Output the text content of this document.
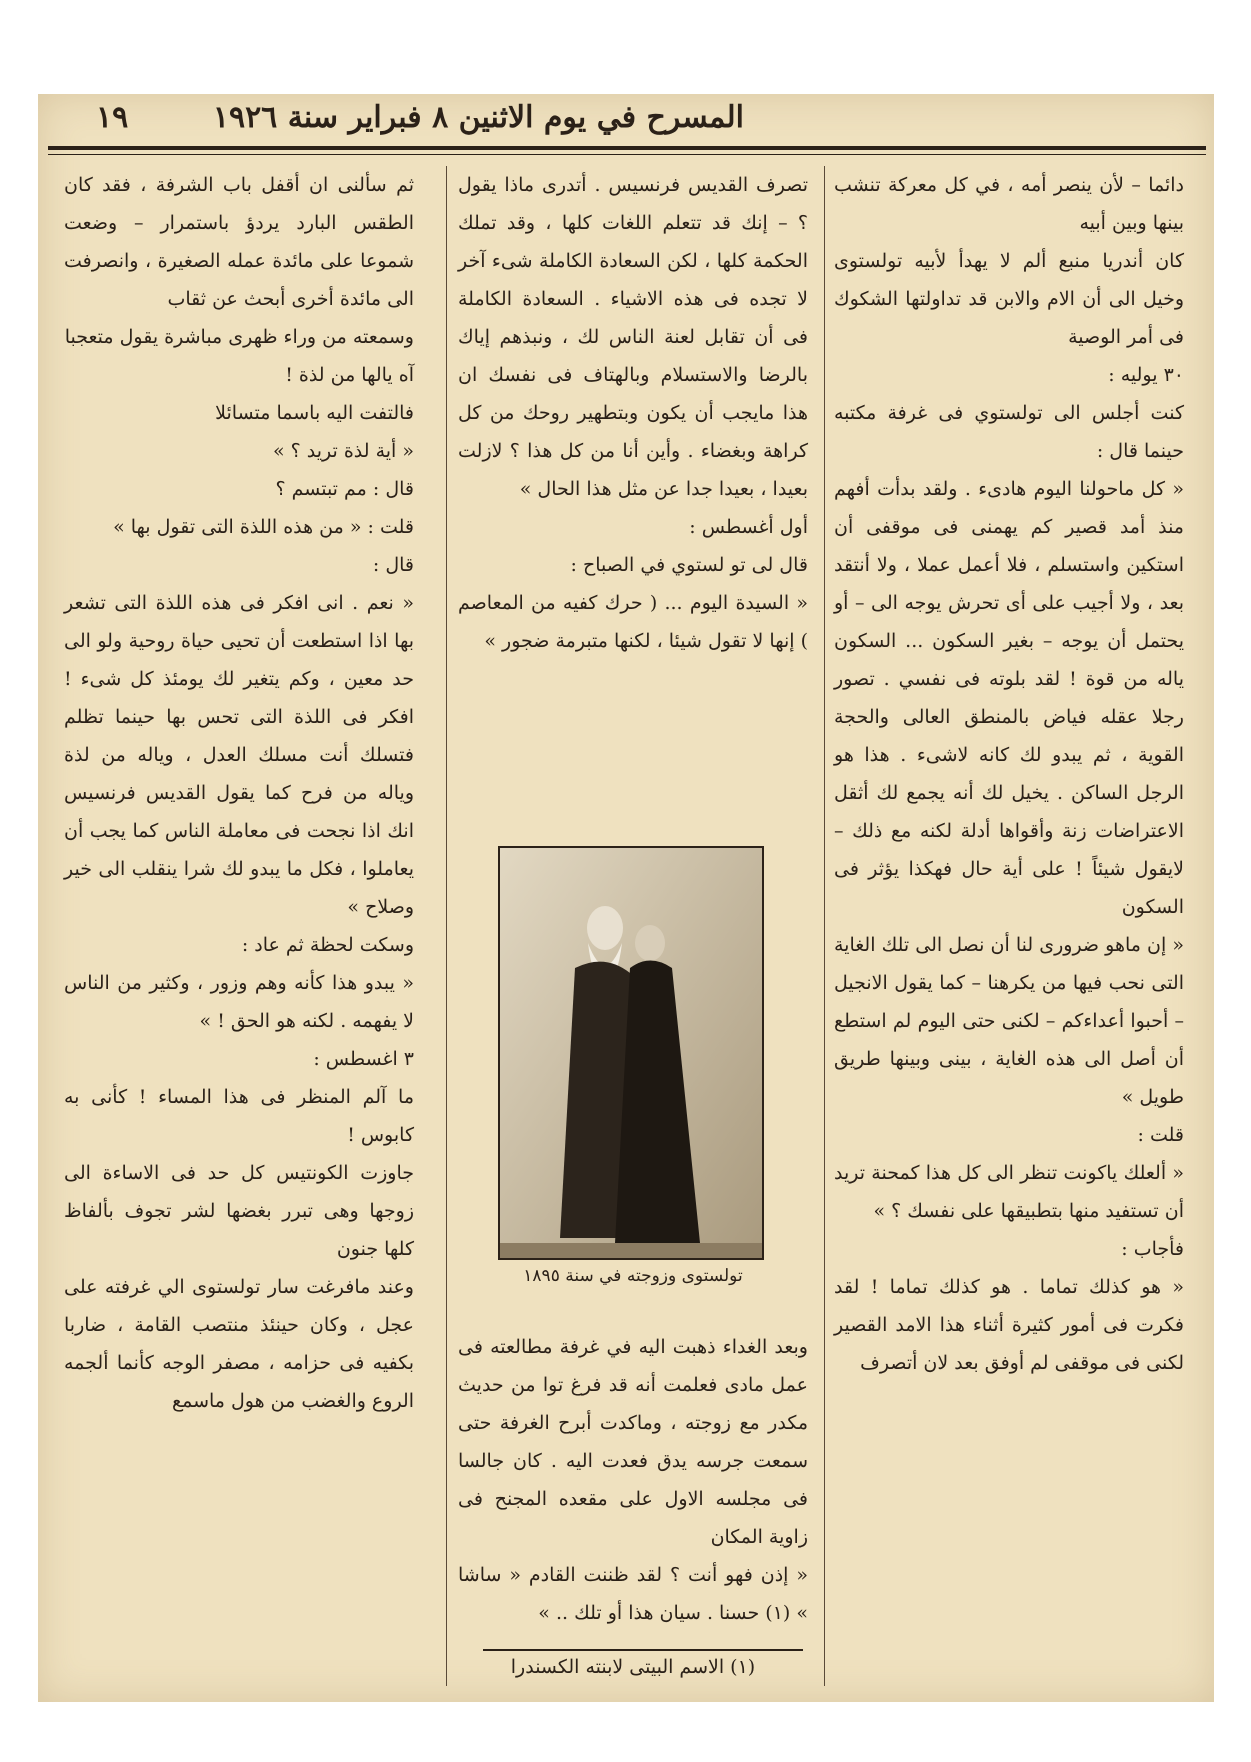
المسرح في يوم الاثنين ٨ فبراير سنة ١٩٢٦
١٩

دائما – لأن ينصر أمه ، في كل معركة تنشب بينها وبين أبيه

كان أندريا منبع ألم لا يهدأ لأبيه تولستوى وخيل الى أن الام والابن قد تداولتها الشكوك فى أمر الوصية

٣٠ يوليه :

كنت أجلس الى تولستوي فى غرفة مكتبه حينما قال :

« كل ماحولنا اليوم هادىء . ولقد بدأت أفهم منذ أمد قصير كم يهمنى فى موقفى أن استكين واستسلم ، فلا أعمل عملا ، ولا أنتقد بعد ، ولا أجيب على أى تحرش يوجه الى – أو يحتمل أن يوجه – بغير السكون ... السكون ياله من قوة ! لقد بلوته فى نفسي . تصور رجلا عقله فياض بالمنطق العالى والحجة القوية ، ثم يبدو لك كانه لاشىء . هذا هو الرجل الساكن . يخيل لك أنه يجمع لك أثقل الاعتراضات زنة وأقواها أدلة لكنه مع ذلك – لايقول شيئاً ! على أية حال فهكذا يؤثر فى السكون

« إن ماهو ضرورى لنا أن نصل الى تلك الغاية التى نحب فيها من يكرهنا – كما يقول الانجيل – أحبوا أعداءكم – لكنى حتى اليوم لم استطع أن أصل الى هذه الغاية ، بينى وبينها طريق طويل »

قلت :

« ألعلك ياكونت تنظر الى كل هذا كمحنة تريد أن تستفيد منها بتطبيقها على نفسك ؟ »

فأجاب :

« هو كذلك تماما . هو كذلك تماما ! لقد فكرت فى أمور كثيرة أثناء هذا الامد القصير لكنى فى موقفى لم أوفق بعد لان أتصرف

تصرف القديس فرنسيس . أتدرى ماذا يقول ؟ – إنك قد تتعلم اللغات كلها ، وقد تملك الحكمة كلها ، لكن السعادة الكاملة شىء آخر لا تجده فى هذه الاشياء . السعادة الكاملة فى أن تقابل لعنة الناس لك ، ونبذهم إياك بالرضا والاستسلام وبالهتاف فى نفسك ان هذا مايجب أن يكون وبتطهير روحك من كل كراهة وبغضاء . وأين أنا من كل هذا ؟ لازلت بعيدا ، بعيدا جدا عن مثل هذا الحال »

أول أغسطس :

قال لى تو لستوي في الصباح :

« السيدة اليوم ... ( حرك كفيه من المعاصم ) إنها لا تقول شيئا ، لكنها متبرمة ضجور »

تولستوى وزوجته في سنة ١٨٩٥

وبعد الغداء ذهبت اليه في غرفة مطالعته فى عمل مادى فعلمت أنه قد فرغ توا من حديث مكدر مع زوجته ، وماكدت أبرح الغرفة حتى سمعت جرسه يدق فعدت اليه . كان جالسا فى مجلسه الاول على مقعده المجنح فى زاوية المكان

« إذن فهو أنت ؟ لقد ظننت القادم « ساشا » (١) حسنا . سيان هذا أو تلك .. »

(١) الاسم البيتى لابنته الكسندرا

ثم سألنى ان أقفل باب الشرفة ، فقد كان الطقس البارد يردؤ باستمرار – وضعت شموعا على مائدة عمله الصغيرة ، وانصرفت الى مائدة أخرى أبحث عن ثقاب

وسمعته من وراء ظهرى مباشرة يقول متعجبا

آه يالها من لذة !

فالتفت اليه باسما متسائلا

« أية لذة تريد ؟ »

قال : مم تبتسم ؟

قلت : « من هذه اللذة التى تقول بها »

قال :

« نعم . انى افكر فى هذه اللذة التى تشعر بها اذا استطعت أن تحيى حياة روحية ولو الى حد معين ، وكم يتغير لك يومئذ كل شىء ! افكر فى اللذة التى تحس بها حينما تظلم فتسلك أنت مسلك العدل ، وياله من لذة وياله من فرح كما يقول القديس فرنسيس انك اذا نجحت فى معاملة الناس كما يجب أن يعاملوا ، فكل ما يبدو لك شرا ينقلب الى خير وصلاح »

وسكت لحظة ثم عاد :

« يبدو هذا كأنه وهم وزور ، وكثير من الناس لا يفهمه . لكنه هو الحق ! »

٣ اغسطس :

ما آلم المنظر فى هذا المساء ! كأنى به كابوس !

جاوزت الكونتيس كل حد فى الاساءة الى زوجها وهى تبرر بغضها لشر تجوف بألفاظ كلها جنون

وعند مافرغت سار تولستوى الي غرفته على عجل ، وكان حينئذ منتصب القامة ، ضاربا بكفيه فى حزامه ، مصفر الوجه كأنما ألجمه الروع والغضب من هول ماسمع
